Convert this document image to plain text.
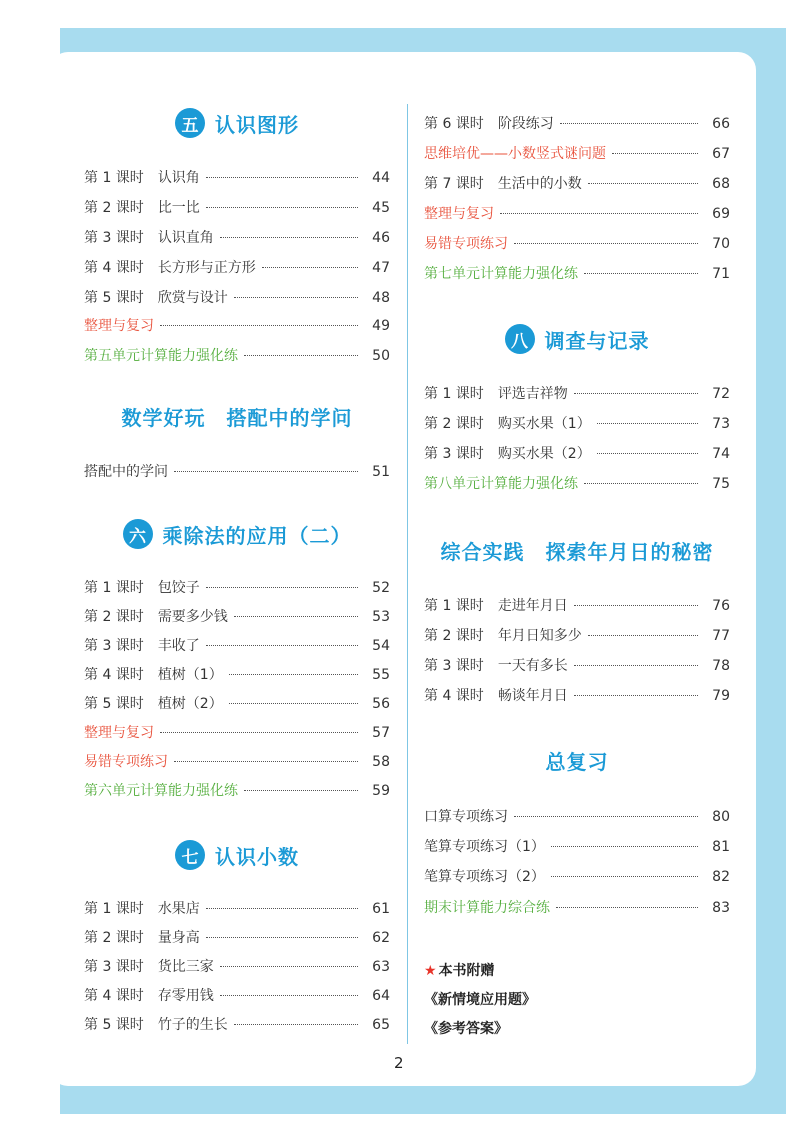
五 认识图形
第 1 课时 认识角	44
第 2 课时 比一比	45
第 3 课时 认识直角	46
第 4 课时 长方形与正方形	47
第 5 课时 欣赏与设计	48
整理与复习	49
第五单元计算能力强化练	50
数学好玩　搭配中的学问
搭配中的学问	51
六 乘除法的应用（二）
第 1 课时 包饺子	52
第 2 课时 需要多少钱	53
第 3 课时 丰收了	54
第 4 课时 植树（1）	55
第 5 课时 植树（2）	56
整理与复习	57
易错专项练习	58
第六单元计算能力强化练	59
七 认识小数
第 1 课时 水果店	61
第 2 课时 量身高	62
第 3 课时 货比三家	63
第 4 课时 存零用钱	64
第 5 课时 竹子的生长	65
第 6 课时 阶段练习	66
思维培优——小数竖式谜问题	67
第 7 课时 生活中的小数	68
整理与复习	69
易错专项练习	70
第七单元计算能力强化练	71
八 调查与记录
第 1 课时 评选吉祥物	72
第 2 课时 购买水果（1）	73
第 3 课时 购买水果（2）	74
第八单元计算能力强化练	75
综合实践　探索年月日的秘密
第 1 课时 走进年月日	76
第 2 课时 年月日知多少	77
第 3 课时 一天有多长	78
第 4 课时 畅谈年月日	79
总复习
口算专项练习	80
笔算专项练习（1）	81
笔算专项练习（2）	82
期末计算能力综合练	83
★ 本书附赠
《新情境应用题》
《参考答案》
2
